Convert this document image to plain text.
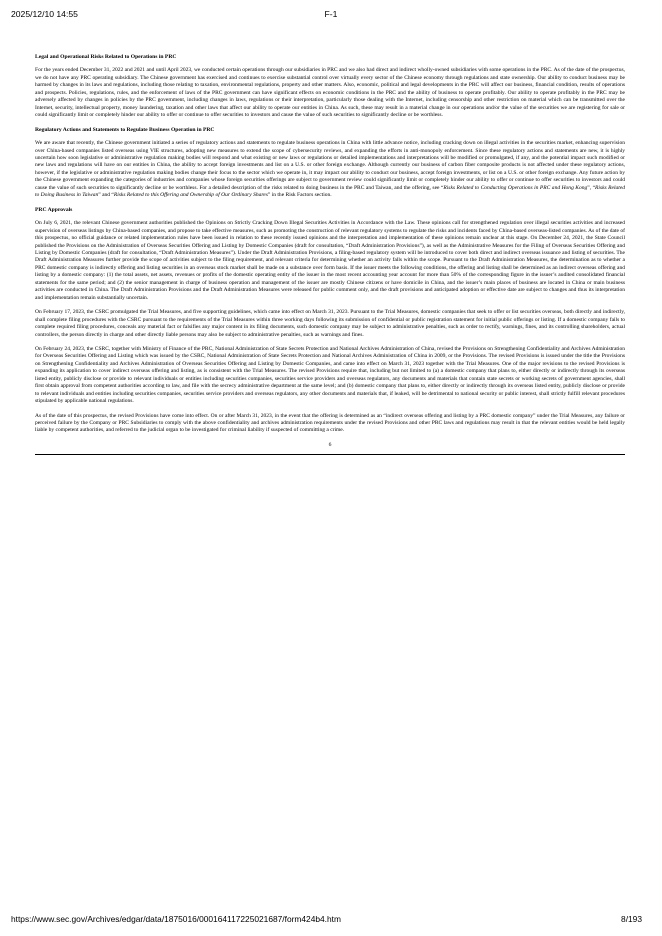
2025/12/10 14:55	F-1
Legal and Operational Risks Related to Operations in PRC

For the years ended December 31, 2022 and 2021 and until April 2023, we conducted certain operations through our subsidiaries in PRC and we also had direct and indirect wholly-owned subsidiaries with some operations in the PRC. As of the date of the prospectus, we do not have any PRC operating subsidiary. The Chinese government has exercised and continues to exercise substantial control over virtually every sector of the Chinese economy through regulations and state ownership. Our ability to conduct business may be harmed by changes in its laws and regulations, including those relating to taxation, environmental regulations, property and other matters. Also, economic, political and legal developments in the PRC will affect our business, financial condition, results of operations and prospects. Policies, regulations, rules, and the enforcement of laws of the PRC government can have significant effects on economic conditions in the PRC and the ability of business to operate profitably. Our ability to operate profitably in the PRC may be adversely affected by changes in policies by the PRC government, including changes in laws, regulations or their interpretation, particularly those dealing with the Internet, including censorship and other restriction on material which can be transmitted over the Internet, security, intellectual property, money laundering, taxation and other laws that affect our ability to operate our entities in China. As such, these may result in a material change in our operations and/or the value of the securities we are registering for sale or could significantly limit or completely hinder our ability to offer or continue to offer securities to investors and cause the value of such securities to significantly decline or be worthless.

Regulatory Actions and Statements to Regulate Business Operation in PRC

We are aware that recently, the Chinese government initiated a series of regulatory actions and statements to regulate business operations in China with little advance notice, including cracking down on illegal activities in the securities market, enhancing supervision over China-based companies listed overseas using VIE structures, adopting new measures to extend the scope of cybersecurity reviews, and expanding the efforts in anti-monopoly enforcement. Since these regulatory actions and statements are new, it is highly uncertain how soon legislative or administrative regulation making bodies will respond and what existing or new laws or regulations or detailed implementations and interpretations will be modified or promulgated, if any, and the potential impact such modified or new laws and regulations will have on our entities in China, the ability to accept foreign investments and list on a U.S. or other foreign exchange. Although currently our business of carbon fiber composite products is not affected under these regulatory actions, however, if the legislative or administrative regulation making bodies change their focus to the sector which we operate in, it may impact our ability to conduct our business, accept foreign investments, or list on a U.S. or other foreign exchange. Any future action by the Chinese government expanding the categories of industries and companies whose foreign securities offerings are subject to government review could significantly limit or completely hinder our ability to offer or continue to offer securities to investors and could cause the value of such securities to significantly decline or be worthless. For a detailed description of the risks related to doing business in the PRC and Taiwan, and the offering, see “Risks Related to Conducting Operations in PRC and Hong Kong”, “Risks Related to Doing Business in Taiwan” and “Risks Related to this Offering and Ownership of Our Ordinary Shares” in the Risk Factors section.

PRC Approvals

On July 6, 2021, the relevant Chinese government authorities published the Opinions on Strictly Cracking Down Illegal Securities Activities in Accordance with the Law. These opinions call for strengthened regulation over illegal securities activities and increased supervision of overseas listings by China-based companies, and propose to take effective measures, such as promoting the construction of relevant regulatory systems to regulate the risks and incidents faced by China-based overseas-listed companies. As of the date of this prospectus, no official guidance or related implementation rules have been issued in relation to these recently issued opinions and the interpretation and implementation of these opinions remain unclear at this stage. On December 24, 2021, the State Council published the Provisions on the Administration of Overseas Securities Offering and Listing by Domestic Companies (draft for consultation, “Draft Administration Provisions”), as well as the Administrative Measures for the Filing of Overseas Securities Offering and Listing by Domestic Companies (draft for consultation, “Draft Administration Measures”). Under the Draft Administration Provisions, a filing-based regulatory system will be introduced to cover both direct and indirect overseas issuance and listing of securities. The Draft Administration Measures further provide the scope of activities subject to the filing requirement, and relevant criteria for determining whether an activity falls within the scope. Pursuant to the Draft Administration Measures, the determination as to whether a PRC domestic company is indirectly offering and listing securities in an overseas stock market shall be made on a substance over form basis. If the issuer meets the following conditions, the offering and listing shall be determined as an indirect overseas offering and listing by a domestic company: (1) the total assets, net assets, revenues or profits of the domestic operating entity of the issuer in the most recent accounting year account for more than 50% of the corresponding figure in the issuer’s audited consolidated financial statements for the same period; and (2) the senior management in charge of business operation and management of the issuer are mostly Chinese citizens or have domicile in China, and the issuer’s main places of business are located in China or main business activities are conducted in China. The Draft Administration Provisions and the Draft Administration Measures were released for public comment only, and the draft provisions and anticipated adoption or effective date are subject to changes and thus its interpretation and implementation remain substantially uncertain.

On February 17, 2023, the CSRC promulgated the Trial Measures, and five supporting guidelines, which came into effect on March 31, 2023. Pursuant to the Trial Measures, domestic companies that seek to offer or list securities overseas, both directly and indirectly, shall complete filing procedures with the CSRC pursuant to the requirements of the Trial Measures within three working days following its submission of confidential or public registration statement for initial public offerings or listing. If a domestic company fails to complete required filing procedures, conceals any material fact or falsifies any major content in its filing documents, such domestic company may be subject to administrative penalties, such as order to rectify, warnings, fines, and its controlling shareholders, actual controllers, the person directly in charge and other directly liable persons may also be subject to administrative penalties, such as warnings and fines.

On February 24, 2023, the CSRC, together with Ministry of Finance of the PRC, National Administration of State Secrets Protection and National Archives Administration of China, revised the Provisions on Strengthening Confidentiality and Archives Administration for Overseas Securities Offering and Listing which was issued by the CSRC, National Administration of State Secrets Protection and National Archives Administration of China in 2009, or the Provisions. The revised Provisions is issued under the title the Provisions on Strengthening Confidentiality and Archives Administration of Overseas Securities Offering and Listing by Domestic Companies, and came into effect on March 31, 2023 together with the Trial Measures. One of the major revisions to the revised Provisions is expanding its application to cover indirect overseas offering and listing, as is consistent with the Trial Measures. The revised Provisions require that, including but not limited to (a) a domestic company that plans to, either directly or indirectly through its overseas listed entity, publicly disclose or provide to relevant individuals or entities including securities companies, securities service providers and overseas regulators, any documents and materials that contain state secrets or working secrets of government agencies, shall first obtain approval from competent authorities according to law, and file with the secrecy administrative department at the same level; and (b) domestic company that plans to, either directly or indirectly through its overseas listed entity, publicly disclose or provide to relevant individuals and entities including securities companies, securities service providers and overseas regulators, any other documents and materials that, if leaked, will be detrimental to national security or public interest, shall strictly fulfill relevant procedures stipulated by applicable national regulations.

As of the date of this prospectus, the revised Provisions have come into effect. On or after March 31, 2023, in the event that the offering is determined as an “indirect overseas offering and listing by a PRC domestic company” under the Trial Measures, any failure or perceived failure by the Company or PRC Subsidiaries to comply with the above confidentiality and archives administration requirements under the revised Provisions and other PRC laws and regulations may result in that the relevant entities would be held legally liable by competent authorities, and referred to the judicial organ to be investigated for criminal liability if suspected of committing a crime.

6
https://www.sec.gov/Archives/edgar/data/1875016/000164117225021687/form424b4.htm	8/193
